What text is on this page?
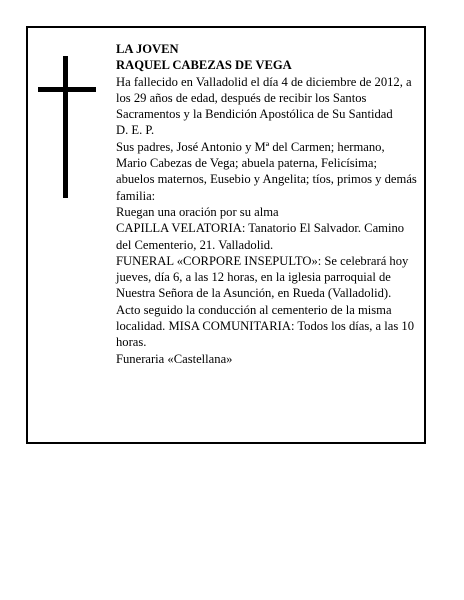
LA JOVEN

RAQUEL CABEZAS DE VEGA

Ha fallecido en Valladolid el día 4 de diciembre de 2012, a los 29 años de edad, después de recibir los Santos Sacramentos y la Bendición Apostólica de Su Santidad

D. E. P.

Sus padres, José Antonio y Mª del Carmen; hermano, Mario Cabezas de Vega; abuela paterna, Felicísima; abuelos maternos, Eusebio y Angelita; tíos, primos y demás familia:

Ruegan una oración por su alma

CAPILLA VELATORIA: Tanatorio El Salvador. Camino del Cementerio, 21. Valladolid.

FUNERAL «CORPORE INSEPULTO»: Se celebrará hoy jueves, día 6, a las 12 horas, en la iglesia parroquial de Nuestra Señora de la Asunción, en Rueda (Valladolid). Acto seguido la conducción al cementerio de la misma localidad. MISA COMUNITARIA: Todos los días, a las 10 horas.

Funeraria «Castellana»
